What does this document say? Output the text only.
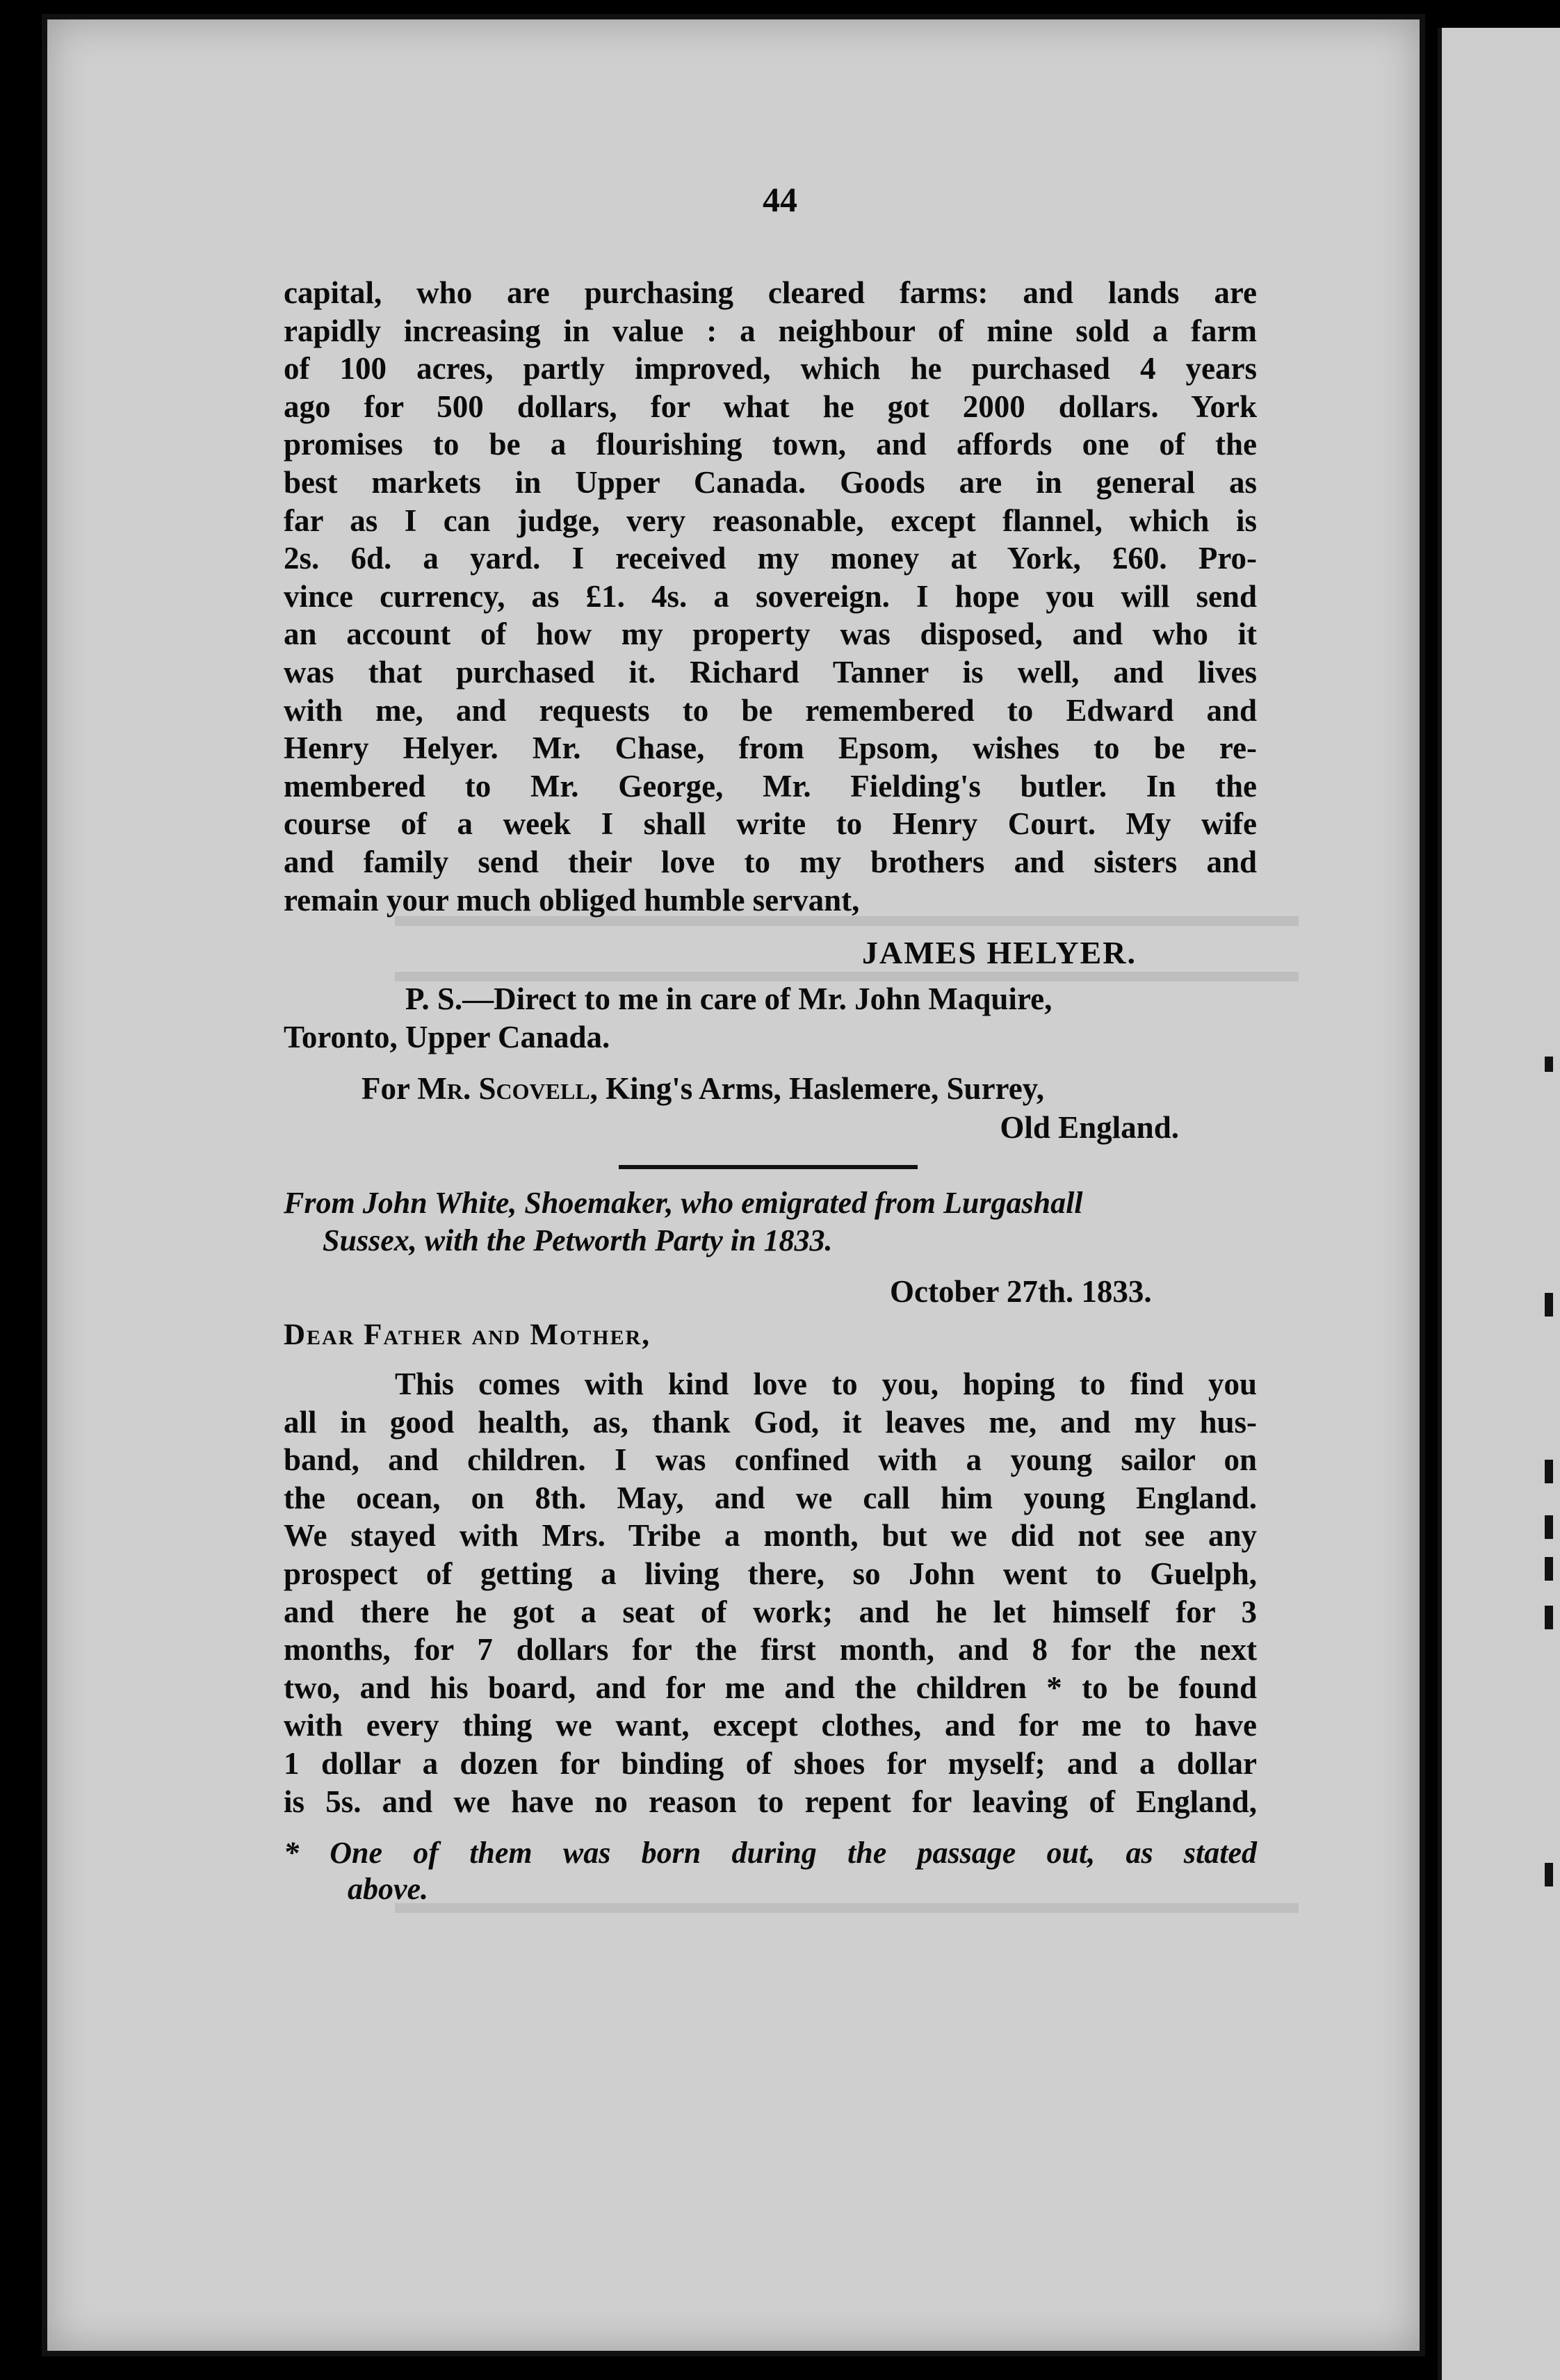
44
capital, who are purchasing cleared farms: and lands are
rapidly increasing in value : a neighbour of mine sold a farm
of 100 acres, partly improved, which he purchased 4 years
ago for 500 dollars, for what he got 2000 dollars. York
promises to be a flourishing town, and affords one of the
best markets in Upper Canada. Goods are in general as
far as I can judge, very reasonable, except flannel, which is
2s. 6d. a yard. I received my money at York, £60. Pro-
vince currency, as £1. 4s. a sovereign. I hope you will send
an account of how my property was disposed, and who it
was that purchased it. Richard Tanner is well, and lives
with me, and requests to be remembered to Edward and
Henry Helyer. Mr. Chase, from Epsom, wishes to be re-
membered to Mr. George, Mr. Fielding's butler. In the
course of a week I shall write to Henry Court. My wife
and family send their love to my brothers and sisters and
remain your much obliged humble servant,
JAMES HELYER.
P. S.—Direct to me in care of Mr. John Maquire,
Toronto, Upper Canada.
For Mr. Scovell, King's Arms, Haslemere, Surrey,
Old England.
From John White, Shoemaker, who emigrated from Lurgashall
Sussex, with the Petworth Party in 1833.
October 27th. 1833.
Dear Father and Mother,
This comes with kind love to you, hoping to find you
all in good health, as, thank God, it leaves me, and my hus-
band, and children. I was confined with a young sailor on
the ocean, on 8th. May, and we call him young England.
We stayed with Mrs. Tribe a month, but we did not see any
prospect of getting a living there, so John went to Guelph,
and there he got a seat of work; and he let himself for 3
months, for 7 dollars for the first month, and 8 for the next
two, and his board, and for me and the children * to be found
with every thing we want, except clothes, and for me to have
1 dollar a dozen for binding of shoes for myself; and a dollar
is 5s. and we have no reason to repent for leaving of England,
* One of them was born during the passage out, as stated
above.
